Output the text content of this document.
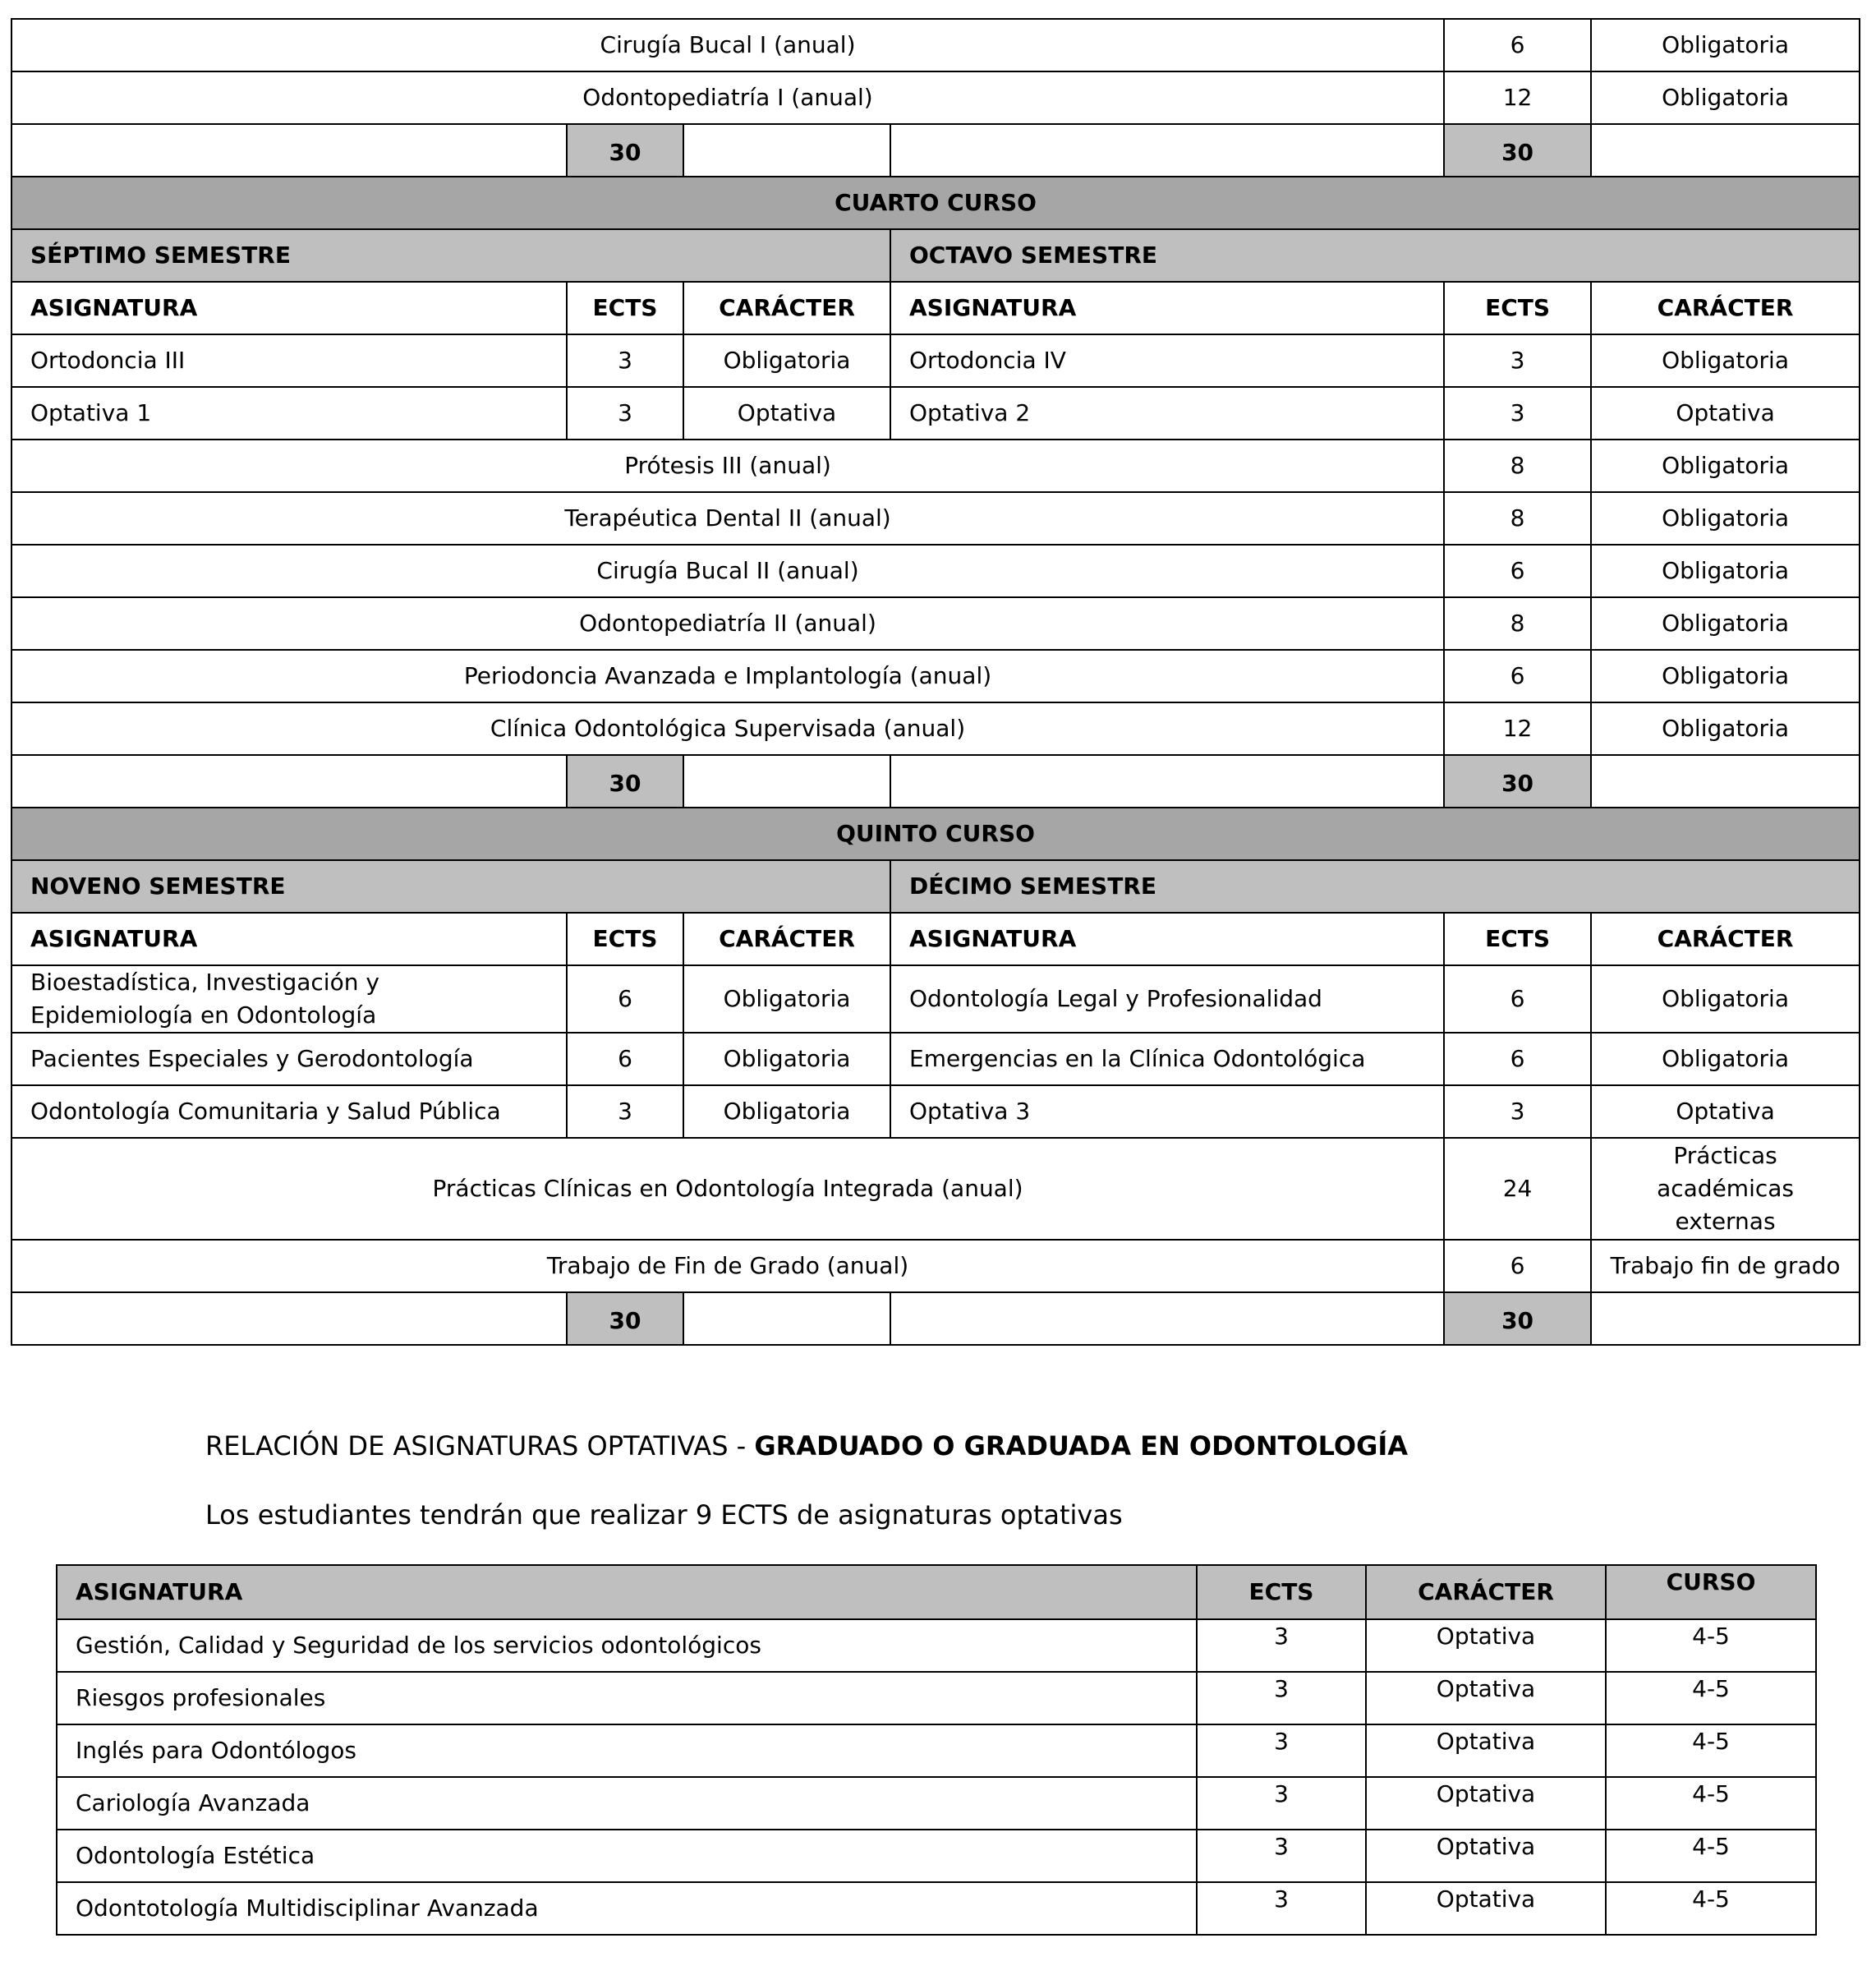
Cirugía Bucal I (anual)				6	Obligatoria
Odontopediatría I (anual)				12	Obligatoria
	30			30	
CUARTO CURSO					
SÉPTIMO SEMESTRE			OCTAVO SEMESTRE		
ASIGNATURA	ECTS	CARÁCTER	ASIGNATURA	ECTS	CARÁCTER
Ortodoncia III	3	Obligatoria	Ortodoncia IV	3	Obligatoria
Optativa 1	3	Optativa	Optativa 2	3	Optativa
Prótesis III (anual)				8	Obligatoria
Terapéutica Dental II (anual)				8	Obligatoria
Cirugía Bucal II (anual)				6	Obligatoria
Odontopediatría II (anual)				8	Obligatoria
Periodoncia Avanzada e Implantología (anual)				6	Obligatoria
Clínica Odontológica Supervisada (anual)				12	Obligatoria
	30			30	
QUINTO CURSO					
NOVENO SEMESTRE			DÉCIMO SEMESTRE		
ASIGNATURA	ECTS	CARÁCTER	ASIGNATURA	ECTS	CARÁCTER
Bioestadística, Investigación y Epidemiología en Odontología	6	Obligatoria	Odontología Legal y Profesionalidad	6	Obligatoria
Pacientes Especiales y Gerodontología	6	Obligatoria	Emergencias en la Clínica Odontológica	6	Obligatoria
Odontología Comunitaria y Salud Pública	3	Obligatoria	Optativa 3	3	Optativa
Prácticas Clínicas en Odontología Integrada (anual)				24	Prácticas académicas externas
Trabajo de Fin de Grado (anual)				6	Trabajo fin de grado
	30			30	
RELACIÓN DE ASIGNATURAS OPTATIVAS - GRADUADO O GRADUADA EN ODONTOLOGÍA
Los estudiantes tendrán que realizar 9 ECTS de asignaturas optativas
ASIGNATURA	ECTS	CARÁCTER	CURSO
Gestión, Calidad y Seguridad de los servicios odontológicos	3	Optativa	4-5
Riesgos profesionales	3	Optativa	4-5
Inglés para Odontólogos	3	Optativa	4-5
Cariología Avanzada	3	Optativa	4-5
Odontología Estética	3	Optativa	4-5
Odontotología Multidisciplinar Avanzada	3	Optativa	4-5
